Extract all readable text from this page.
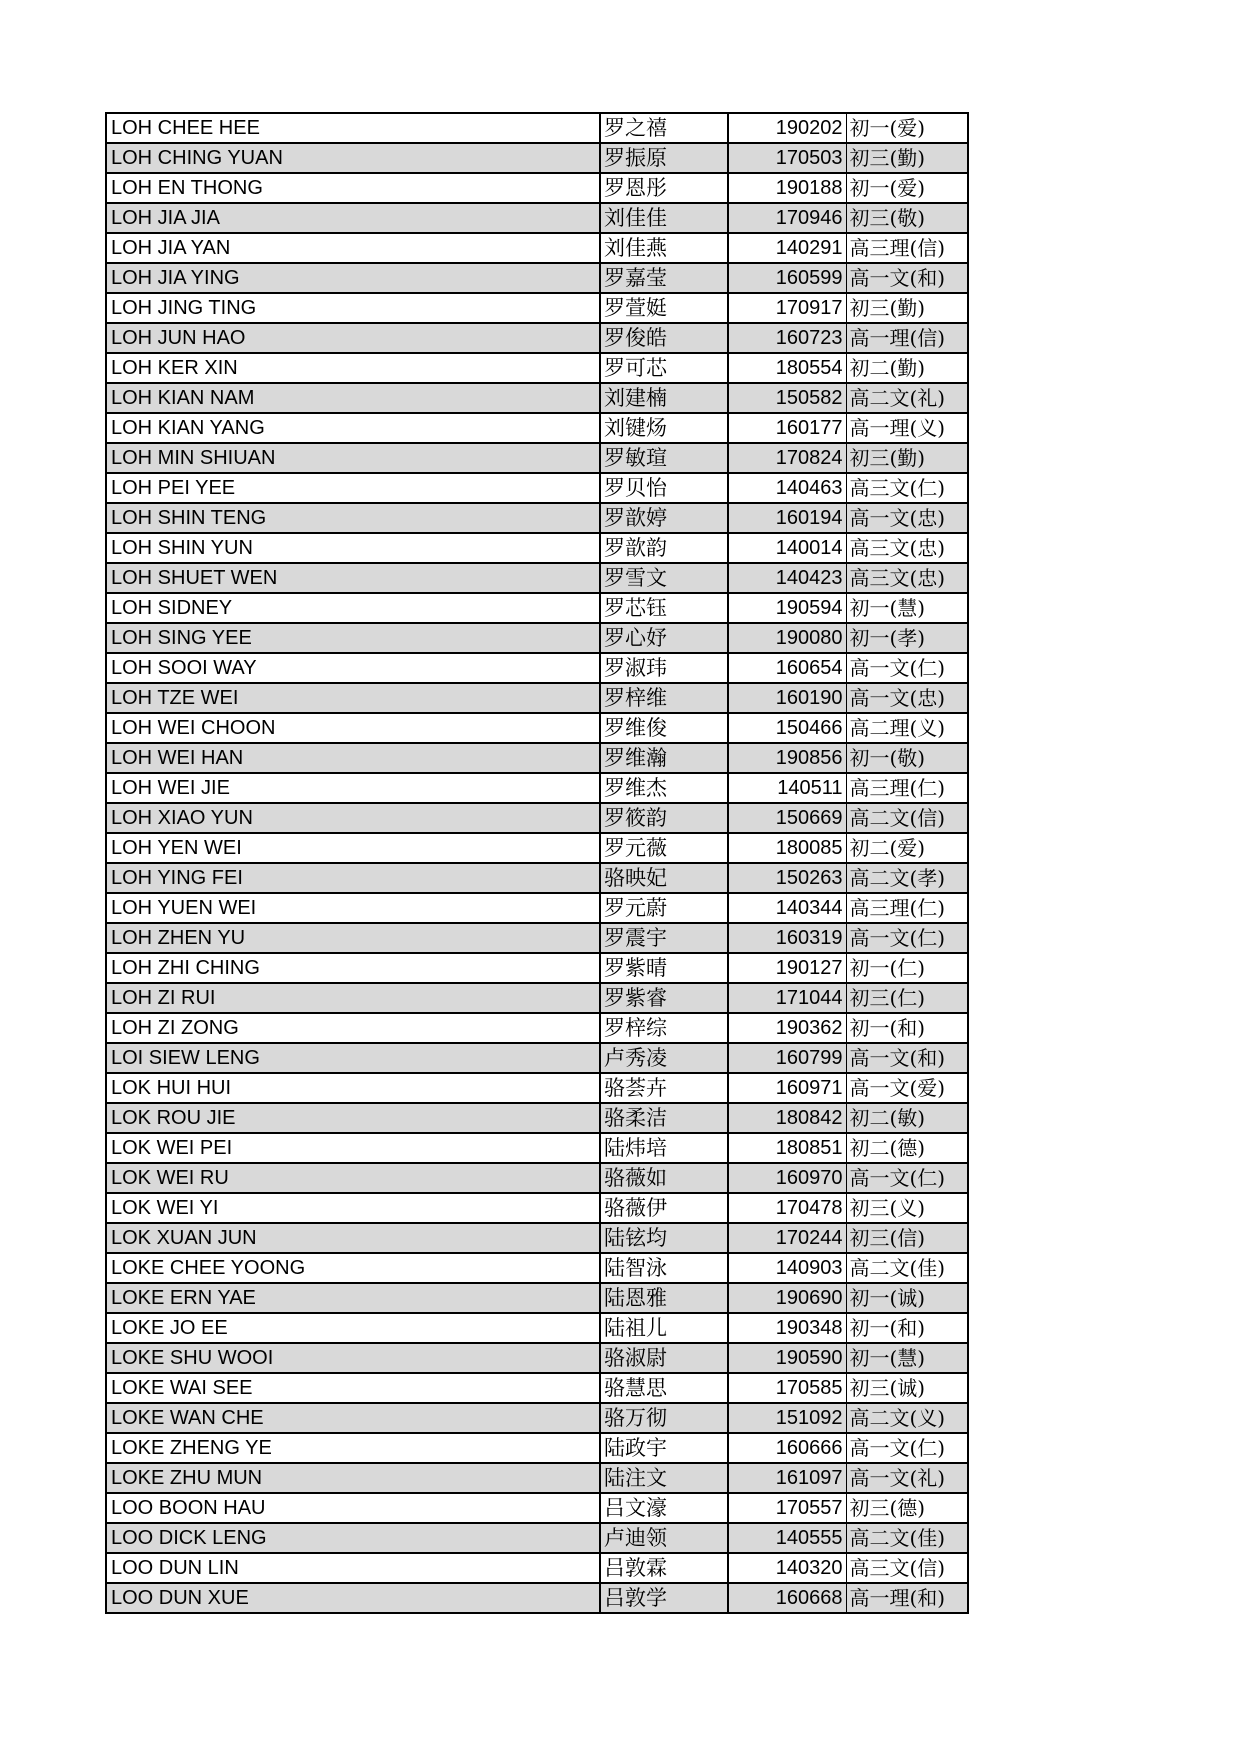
LOH CHEE HEE	罗之禧	190202	初一(爱)
LOH CHING YUAN	罗振原	170503	初三(勤)
LOH EN THONG	罗恩彤	190188	初一(爱)
LOH JIA JIA	刘佳佳	170946	初三(敬)
LOH JIA YAN	刘佳燕	140291	高三理(信)
LOH JIA YING	罗嘉莹	160599	高一文(和)
LOH JING TING	罗萱娗	170917	初三(勤)
LOH JUN HAO	罗俊皓	160723	高一理(信)
LOH KER XIN	罗可芯	180554	初二(勤)
LOH KIAN NAM	刘建楠	150582	高二文(礼)
LOH KIAN YANG	刘键炀	160177	高一理(义)
LOH MIN SHIUAN	罗敏瑄	170824	初三(勤)
LOH PEI YEE	罗贝怡	140463	高三文(仁)
LOH SHIN TENG	罗歆婷	160194	高一文(忠)
LOH SHIN YUN	罗歆韵	140014	高三文(忠)
LOH SHUET WEN	罗雪文	140423	高三文(忠)
LOH SIDNEY	罗芯钰	190594	初一(慧)
LOH SING YEE	罗心妤	190080	初一(孝)
LOH SOOI WAY	罗淑玮	160654	高一文(仁)
LOH TZE WEI	罗梓维	160190	高一文(忠)
LOH WEI CHOON	罗维俊	150466	高二理(义)
LOH WEI HAN	罗维瀚	190856	初一(敬)
LOH WEI JIE	罗维杰	140511	高三理(仁)
LOH XIAO YUN	罗筱韵	150669	高二文(信)
LOH YEN WEI	罗元薇	180085	初二(爱)
LOH YING FEI	骆映妃	150263	高二文(孝)
LOH YUEN WEI	罗元蔚	140344	高三理(仁)
LOH ZHEN YU	罗震宇	160319	高一文(仁)
LOH ZHI CHING	罗紫晴	190127	初一(仁)
LOH ZI RUI	罗紫睿	171044	初三(仁)
LOH ZI ZONG	罗梓综	190362	初一(和)
LOI SIEW LENG	卢秀凌	160799	高一文(和)
LOK HUI HUI	骆荟卉	160971	高一文(爱)
LOK ROU JIE	骆柔洁	180842	初二(敏)
LOK WEI PEI	陆炜培	180851	初二(德)
LOK WEI RU	骆薇如	160970	高一文(仁)
LOK WEI YI	骆薇伊	170478	初三(义)
LOK XUAN JUN	陆铉均	170244	初三(信)
LOKE CHEE YOONG	陆智泳	140903	高二文(佳)
LOKE ERN YAE	陆恩雅	190690	初一(诚)
LOKE JO EE	陆祖儿	190348	初一(和)
LOKE SHU WOOI	骆淑尉	190590	初一(慧)
LOKE WAI SEE	骆慧思	170585	初三(诚)
LOKE WAN CHE	骆万彻	151092	高二文(义)
LOKE ZHENG YE	陆政宇	160666	高一文(仁)
LOKE ZHU MUN	陆注文	161097	高一文(礼)
LOO BOON HAU	吕文濠	170557	初三(德)
LOO DICK LENG	卢迪领	140555	高二文(佳)
LOO DUN LIN	吕敦霖	140320	高三文(信)
LOO DUN XUE	吕敦学	160668	高一理(和)
